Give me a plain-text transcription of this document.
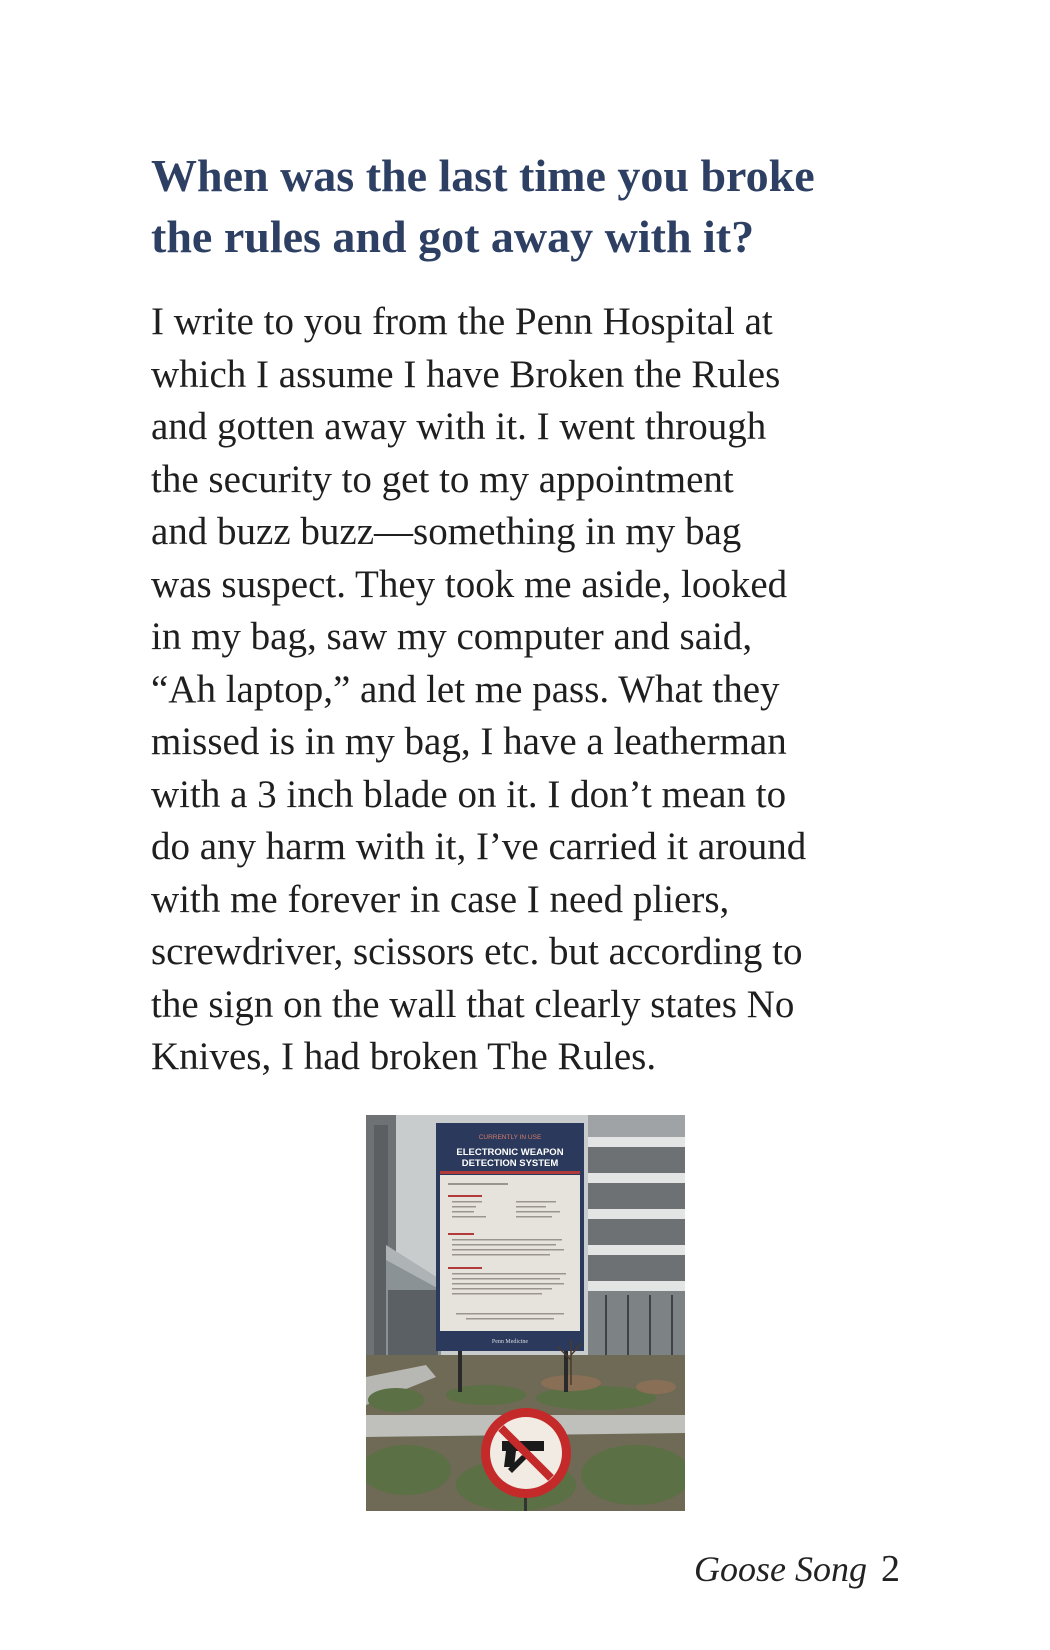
When was the last time you broke
the rules and got away with it?

I write to you from the Penn Hospital at
which I assume I have Broken the Rules
and gotten away with it. I went through
the security to get to my appointment
and buzz buzz—something in my bag
was suspect. They took me aside, looked
in my bag, saw my computer and said,
“Ah laptop,” and let me pass. What they
missed is in my bag, I have a leatherman
with a 3 inch blade on it. I don’t mean to
do any harm with it, I’ve carried it around
with me forever in case I need pliers,
screwdriver, scissors etc. but according to
the sign on the wall that clearly states No
Knives, I had broken The Rules.

CURRENTLY IN USE
ELECTRONIC WEAPON
DETECTION SYSTEM
Penn Medicine
Goose Song 2
